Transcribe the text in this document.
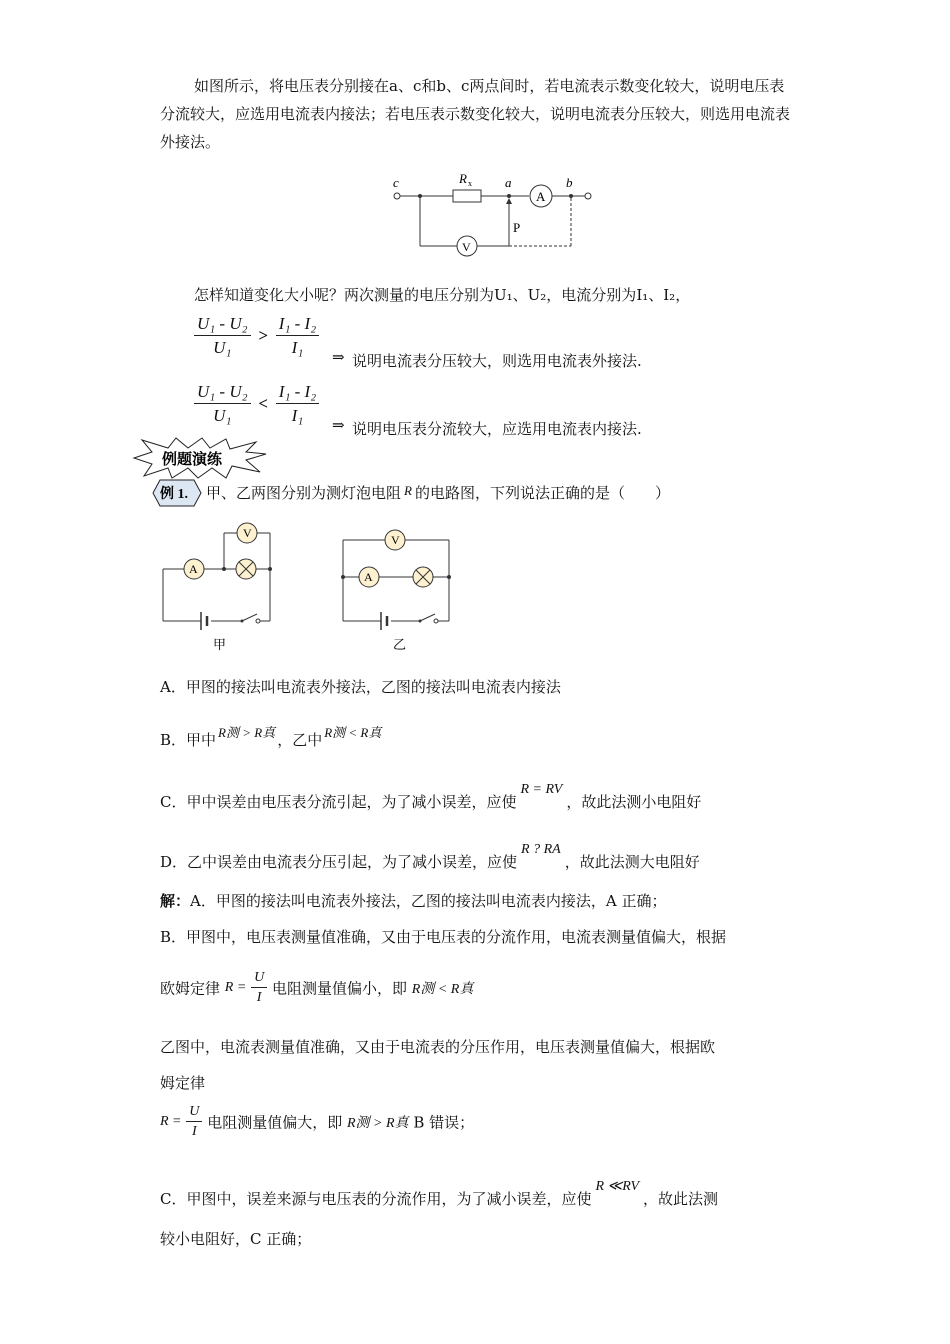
如图所示，将电压表分别接在a、c和b、c两点间时，若电流表示数变化较大，说明电压表分流较大，应选用电流表内接法；若电压表示数变化较大，说明电流表分压较大，则选用电流表外接法。
c	R x	a
A
b
V
P
怎样知道变化大小呢？两次测量的电压分别为U₁、U₂，电流分别为I₁、I₂，
$\frac{\text{U₁ - U₂}}{\text{U₁}} > \frac{\text{I₁ - I₂}}{\text{I₁}}$ ⇒ 说明电流表分压较大，则选用电流表外接法.
$\frac{\text{U₁ - U₂}}{\text{U₁}} < \frac{\text{I₁ - I₂}}{\text{I₁}}$ ⇒ 说明电压表分流较大，应选用电流表内接法.
例题演练
例 1. 甲、乙两图分别为测灯泡电阻 R 的电路图，下列说法正确的是（　　）
A
V
甲
V
A
乙
A．甲图的接法叫电流表外接法，乙图的接法叫电流表内接法
B．甲中 R测 > R真 ，乙中 R测 < R真
C．甲中误差由电压表分流引起，为了减小误差，应使R = RV，故此法测小电阻好
D．乙中误差由电流表分压引起，为了减小误差，应使R ? RA，故此法测大电阻好
解：A．甲图的接法叫电流表外接法，乙图的接法叫电流表内接法，A 正确；
B．甲图中，电压表测量值准确，又由于电压表的分流作用，电流表测量值偏大，根据
欧姆定律 $R = \frac{U}{I}$ 电阻测量值偏小，即 R测 < R真
乙图中，电流表测量值准确，又由于电流表的分压作用，电压表测量值偏大，根据欧
姆定律
$R = \frac{U}{I}$ 电阻测量值偏大，即 R测 > R真 B 错误；
C．甲图中，误差来源与电压表的分流作用，为了减小误差，应使R ≪RV，故此法测
较小电阻好，C 正确；
